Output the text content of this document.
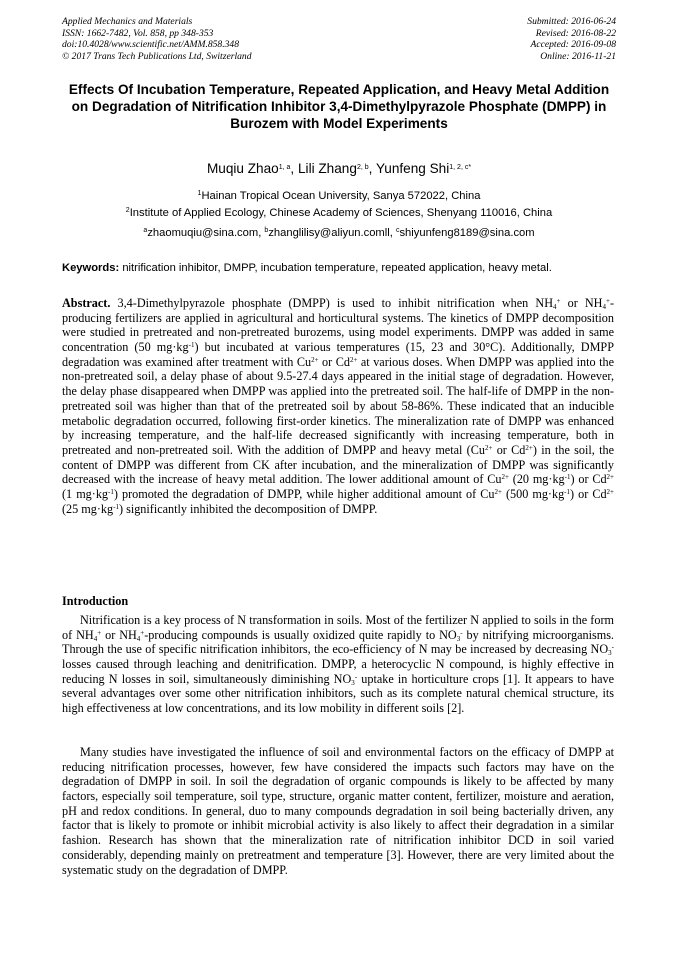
Applied Mechanics and Materials
ISSN: 1662-7482, Vol. 858, pp 348-353
doi:10.4028/www.scientific.net/AMM.858.348
© 2017 Trans Tech Publications Ltd, Switzerland
Submitted: 2016-06-24
Revised: 2016-08-22
Accepted: 2016-09-08
Online: 2016-11-21
Effects Of Incubation Temperature, Repeated Application, and Heavy Metal Addition on Degradation of Nitrification Inhibitor 3,4-Dimethylpyrazole Phosphate (DMPP) in Burozem with Model Experiments
Muqiu Zhao$^{1, a}$, Lili Zhang$^{2, b}$, Yunfeng Shi$^{1, 2, c*}$
$^1$Hainan Tropical Ocean University, Sanya 572022, China
$^2$Institute of Applied Ecology, Chinese Academy of Sciences, Shenyang 110016, China
$^a$zhaomuqiu@sina.com, $^b$zhanglilisy@aliyun.comll, $^c$shiyunfeng8189@sina.com
Keywords: nitrification inhibitor, DMPP, incubation temperature, repeated application, heavy metal.

Abstract. 3,4-Dimethylpyrazole phosphate (DMPP) is used to inhibit nitrification when $NH_4^+$ or $NH_4^+$-producing fertilizers are applied in agricultural and horticultural systems. The kinetics of DMPP decomposition were studied in pretreated and non-pretreated burozems, using model experiments. DMPP was added in same concentration (50 $mg\cdot kg^{-1}$) but incubated at various temperatures (15, 23 and 30°C). Additionally, DMPP degradation was examined after treatment with $Cu^{2+}$ or $Cd^{2+}$ at various doses. When DMPP was applied into the non-pretreated soil, a delay phase of about 9.5-27.4 days appeared in the initial stage of degradation. However, the delay phase disappeared when DMPP was applied into the pretreated soil. The half-life of DMPP in the non-pretreated soil was higher than that of the pretreated soil by about 58-86%. These indicated that an inducible metabolic degradation occurred, following first-order kinetics. The mineralization rate of DMPP was enhanced by increasing temperature, and the half-life decreased significantly with increasing temperature, both in pretreated and non-pretreated soil. With the addition of DMPP and heavy metal ($Cu^{2+}$ or $Cd^{2+}$) in the soil, the content of DMPP was different from CK after incubation, and the mineralization of DMPP was significantly decreased with the increase of heavy metal addition. The lower additional amount of $Cu^{2+}$ (20 $mg\cdot kg^{-1}$) or $Cd^{2+}$ (1 $mg\cdot kg^{-1}$) promoted the degradation of DMPP, while higher additional amount of $Cu^{2+}$ (500 $mg\cdot kg^{-1}$) or $Cd^{2+}$ (25 $mg\cdot kg^{-1}$) significantly inhibited the decomposition of DMPP.

Introduction

Nitrification is a key process of N transformation in soils. Most of the fertilizer N applied to soils in the form of $NH_4^+$ or $NH_4^+$-producing compounds is usually oxidized quite rapidly to $NO_3^-$ by nitrifying microorganisms. Through the use of specific nitrification inhibitors, the eco-efficiency of N may be increased by decreasing $NO_3^-$ losses caused through leaching and denitrification. DMPP, a heterocyclic N compound, is highly effective in reducing N losses in soil, simultaneously diminishing $NO_3^-$ uptake in horticulture crops [1]. It appears to have several advantages over some other nitrification inhibitors, such as its complete natural chemical structure, its high effectiveness at low concentrations, and its low mobility in different soils [2].

Many studies have investigated the influence of soil and environmental factors on the efficacy of DMPP at reducing nitrification processes, however, few have considered the impacts such factors may have on the degradation of DMPP in soil. In soil the degradation of organic compounds is likely to be affected by many factors, especially soil temperature, soil type, structure, organic matter content, fertilizer, moisture and aeration, pH and redox conditions. In general, duo to many compounds degradation in soil being bacterially driven, any factor that is likely to promote or inhibit microbial activity is also likely to affect their degradation in a similar fashion. Research has shown that the mineralization rate of nitrification inhibitor DCD in soil varied considerably, depending mainly on pretreatment and temperature [3]. However, there are very limited about the systematic study on the degradation of DMPP.
